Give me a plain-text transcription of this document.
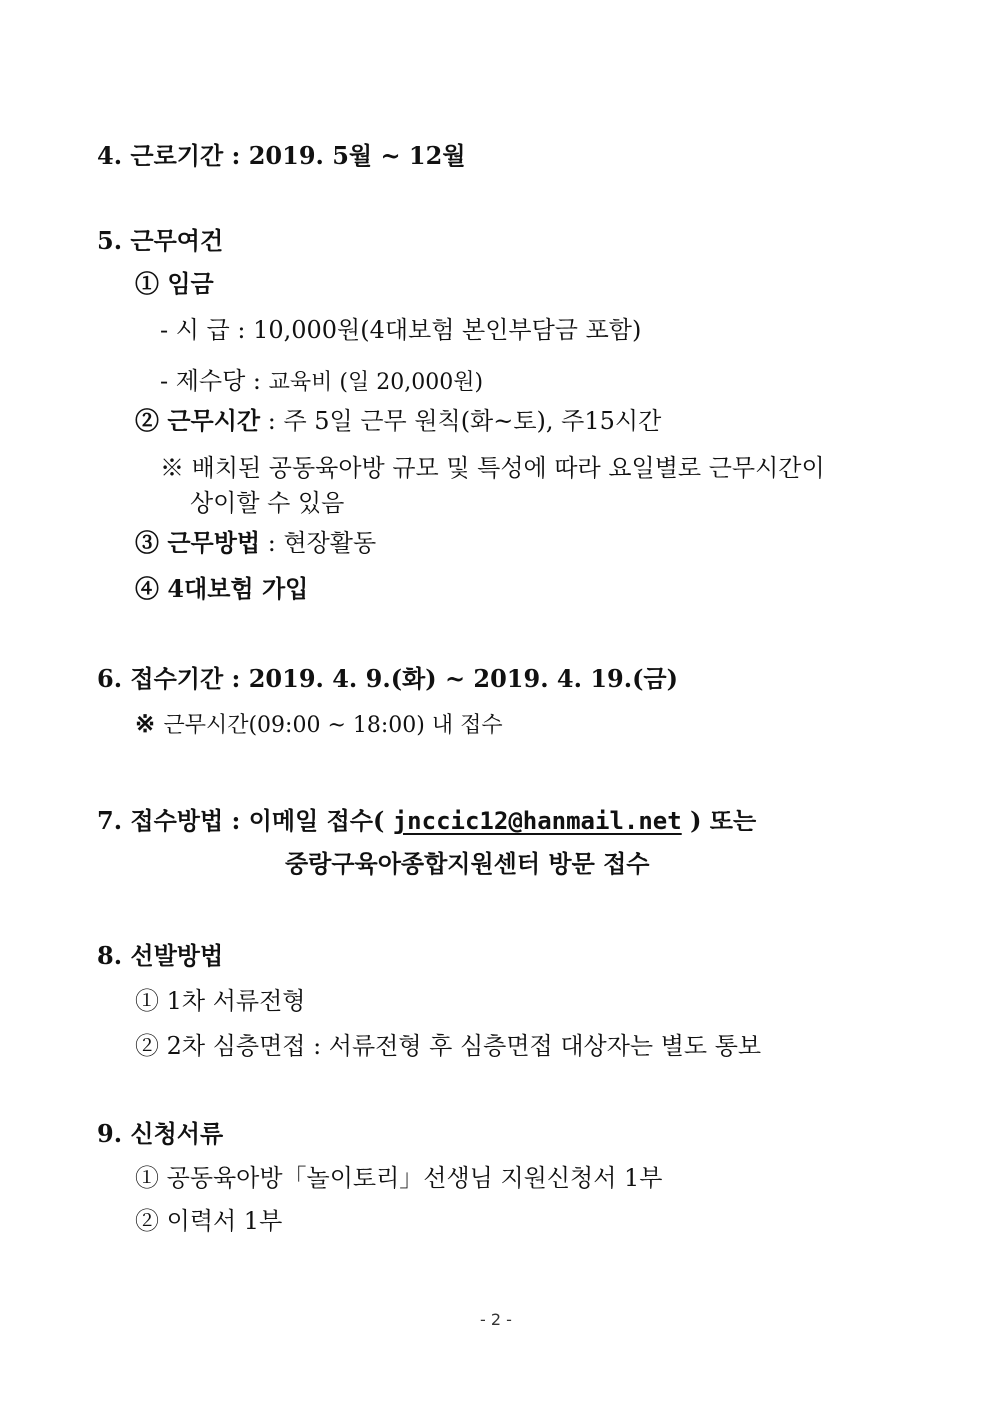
4. 근로기간 : 2019. 5월 ~ 12월
5. 근무여건
① 임금
- 시 급 : 10,000원(4대보험 본인부담금 포함)
- 제수당 : 교육비 (일 20,000원)
② 근무시간 : 주 5일 근무 원칙(화~토), 주15시간
※ 배치된 공동육아방 규모 및 특성에 따라 요일별로 근무시간이
상이할 수 있음
③ 근무방법 : 현장활동
④ 4대보험 가입
6. 접수기간 : 2019. 4. 9.(화) ~ 2019. 4. 19.(금)
※ 근무시간(09:00 ~ 18:00) 내 접수
7. 접수방법 : 이메일 접수( jnccic12@hanmail.net ) 또는
중랑구육아종합지원센터 방문 접수
8. 선발방법
① 1차 서류전형
② 2차 심층면접 : 서류전형 후 심층면접 대상자는 별도 통보
9. 신청서류
① 공동육아방「놀이토리」선생님 지원신청서 1부
② 이력서 1부
- 2 -
